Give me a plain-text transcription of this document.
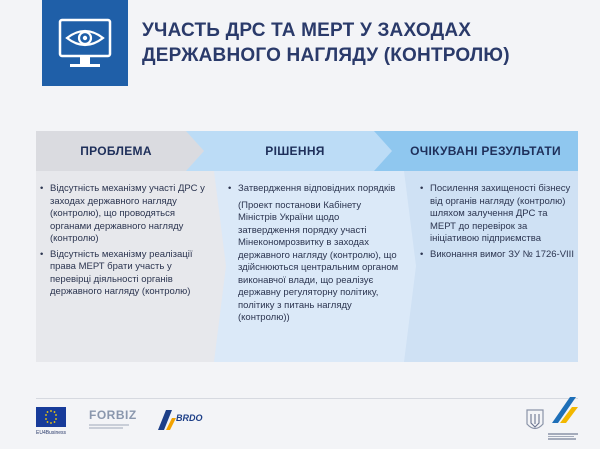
УЧАСТЬ ДРС ТА МЕРТ У ЗАХОДАХ
ДЕРЖАВНОГО НАГЛЯДУ (КОНТРОЛЮ)
ПРОБЛЕМА	РІШЕННЯ	ОЧІКУВАНІ РЕЗУЛЬТАТИ
• Відсутність механізму участі ДРС у заходах державного нагляду (контролю), що проводяться органами державного нагляду (контролю)
• Відсутність механізму реалізації права МЕРТ брати участь у перевірці діяльності органів державного нагляду (контролю)
• Затвердження відповідних порядків
(Проект постанови Кабінету Міністрів України щодо затвердження порядку участі Мінекономрозвитку в заходах державного нагляду (контролю), що здійснюються центральним органом виконавчої влади, що реалізує державну регуляторну політику, політику з питань нагляду (контролю))
• Посилення захищеності бізнесу від органів нагляду (контролю) шляхом залучення ДРС та МЕРТ до перевірок за ініціативою підприємства
• Виконання вимог ЗУ № 1726-VIII
EU4Business
FORBIZ	BRDO
